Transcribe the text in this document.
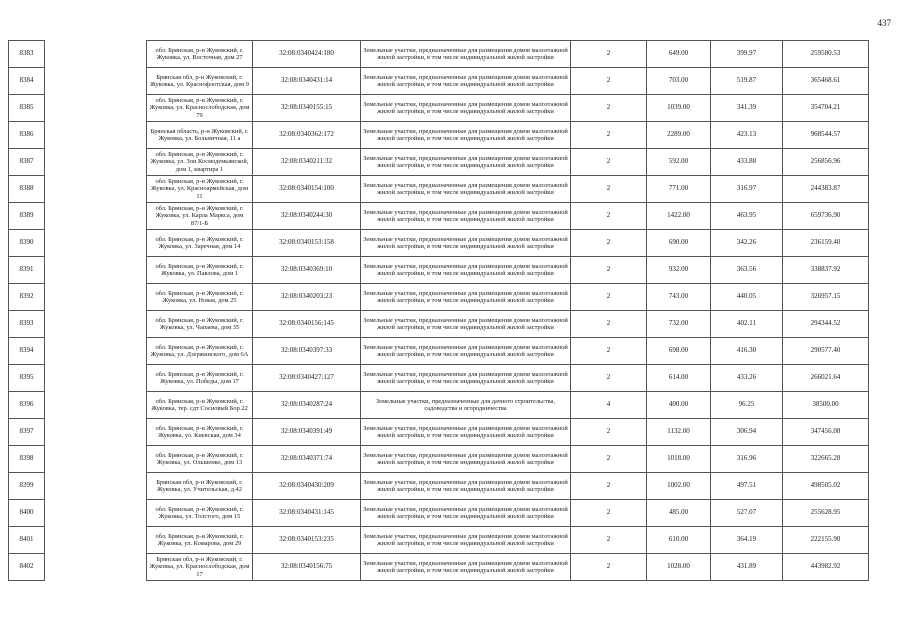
437
8383		обл. Брянская, р-н Жуковский, г. Жуковка, ул. Восточная, дом 27	32:08:0340424:180	Земельные участки, предназначенные для размещения домов малоэтажной жилой застройки, в том числе индивидуальной жилой застройки	2	649.00	399.97	259580.53
8384		Брянская обл, р-н Жуковский, г. Жуковка, ул. Краснофлотская, дом 9	32:08:0340431:14	Земельные участки, предназначенные для размещения домов малоэтажной жилой застройки, в том числе индивидуальной жилой застройки	2	703.00	519.87	365468.61
8385		обл. Брянская, р-н Жуковский, г. Жуковка, ул. Краснослободская, дом 79	32:08:0340155:15	Земельные участки, предназначенные для размещения домов малоэтажной жилой застройки, в том числе индивидуальной жилой застройки	2	1039.00	341.39	354704.21
8386		Брянская область, р-н Жуковский, г. Жуковка, ул. Больничная, 11 а	32:08:0340362:172	Земельные участки, предназначенные для размещения домов малоэтажной жилой застройки, в том числе индивидуальной жилой застройки	2	2289.00	423.13	968544.57
8387		обл. Брянская, р-н Жуковский, г. Жуковка, ул. Зои Космодемьянской, дом 1, квартира 1	32:08:0340211:32	Земельные участки, предназначенные для размещения домов малоэтажной жилой застройки, в том числе индивидуальной жилой застройки	2	592.00	433.88	256856.96
8388		обл. Брянская, р-н Жуковский, г. Жуковка, ул. Красноармейская, дом 11	32:08:0340154:100	Земельные участки, предназначенные для размещения домов малоэтажной жилой застройки, в том числе индивидуальной жилой застройки	2	771.00	316.97	244383.87
8389		обл. Брянская, р-н Жуковский, г. Жуковка, ул. Карла Маркса, дом 87/1-Б	32:08:0340244:30	Земельные участки, предназначенные для размещения домов малоэтажной жилой застройки, в том числе индивидуальной жилой застройки	2	1422.00	463.95	659736.90
8390		обл. Брянская, р-н Жуковский, г. Жуковка, ул. Заречная, дом 14	32:08:0340153:158	Земельные участки, предназначенные для размещения домов малоэтажной жилой застройки, в том числе индивидуальной жилой застройки	2	690.00	342.26	236159.40
8391		обл. Брянская, р-н Жуковский, г. Жуковка, ул. Павлова, дом 1	32:08:0340369:10	Земельные участки, предназначенные для размещения домов малоэтажной жилой застройки, в том числе индивидуальной жилой застройки	2	932.00	363.56	338837.92
8392		обл. Брянская, р-н Жуковский, г. Жуковка, ул. Новая, дом 25	32:08:0340203:23	Земельные участки, предназначенные для размещения домов малоэтажной жилой застройки, в том числе индивидуальной жилой застройки	2	743.00	440.05	326957.15
8393		обл. Брянская, р-н Жуковский, г. Жуковка, ул. Чапаева, дом 35	32:08:0340156:145	Земельные участки, предназначенные для размещения домов малоэтажной жилой застройки, в том числе индивидуальной жилой застройки	2	732.00	402.11	294344.52
8394		обл. Брянская, р-н Жуковский, г. Жуковка, ул. Дзержинского, дом 6А	32:08:0340397:33	Земельные участки, предназначенные для размещения домов малоэтажной жилой застройки, в том числе индивидуальной жилой застройки	2	698.00	416.30	290577.40
8395		обл. Брянская, р-н Жуковский, г. Жуковка, ул. Победы, дом 17	32:08:0340427:127	Земельные участки, предназначенные для размещения домов малоэтажной жилой застройки, в том числе индивидуальной жилой застройки	2	614.00	433.26	266021.64
8396		обл. Брянская, р-н Жуковский, г. Жуковка, тер. сдт Сосновый Бор 22	32:08:0340287:24	Земельные участки, предназначенные для дачного строительства, садоводства и огородничества	4	400.00	96.25	38500.00
8397		обл. Брянская, р-н Жуковский, г. Жуковка, ул. Киевская, дом 34	32:08:0340391:49	Земельные участки, предназначенные для размещения домов малоэтажной жилой застройки, в том числе индивидуальной жилой застройки	2	1132.00	306.94	347456.08
8398		обл. Брянская, р-н Жуковский, г. Жуковка, ул. Ольшенко, дом 13	32:08:0340371:74	Земельные участки, предназначенные для размещения домов малоэтажной жилой застройки, в том числе индивидуальной жилой застройки	2	1018.00	316.96	322665.28
8399		Брянская обл, р-н Жуковский, г. Жуковка, ул. Учительская, д.42	32:08:0340430:209	Земельные участки, предназначенные для размещения домов малоэтажной жилой застройки, в том числе индивидуальной жилой застройки	2	1002.00	497.51	498505.02
8400		обл. Брянская, р-н Жуковский, г. Жуковка, ул. Толстого, дом 15	32:08:0340431:145	Земельные участки, предназначенные для размещения домов малоэтажной жилой застройки, в том числе индивидуальной жилой застройки	2	485.00	527.07	255628.95
8401		обл. Брянская, р-н Жуковский, г. Жуковка, ул. Комарова, дом 29	32:08:0340153:235	Земельные участки, предназначенные для размещения домов малоэтажной жилой застройки, в том числе индивидуальной жилой застройки	2	610.00	364.19	222155.90
8402		Брянская обл, р-н Жуковский, г. Жуковка, ул. Краснослободская, дом 17	32:08:0340156:75	Земельные участки, предназначенные для размещения домов малоэтажной жилой застройки, в том числе индивидуальной жилой застройки	2	1028.00	431.89	443982.92
